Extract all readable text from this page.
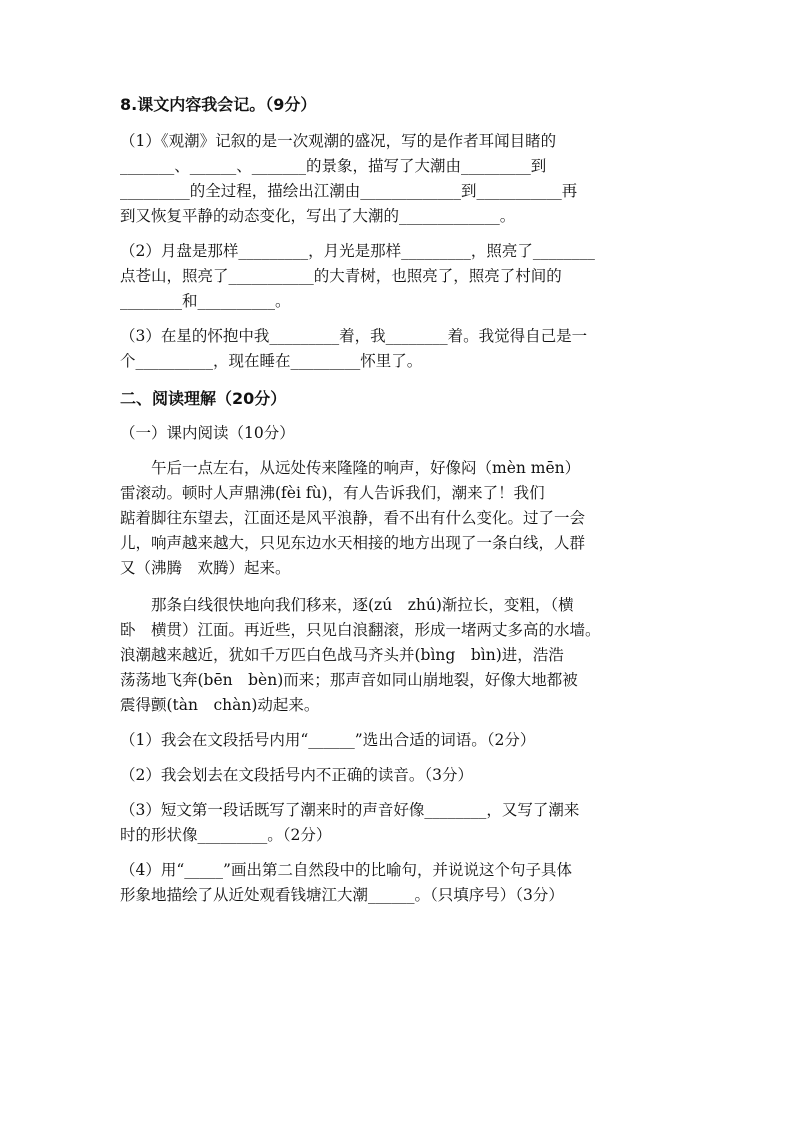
8.课文内容我会记。（9分）
（1）《观潮》记叙的是一次观潮的盛况，写的是作者耳闻目睹的
_______、______、_______的景象，描写了大潮由_________到
_________的全过程，描绘出江潮由_____________到___________再
到又恢复平静的动态变化，写出了大潮的_____________。
（2）月盘是那样_________，月光是那样_________，照亮了________
点苍山，照亮了___________的大青树，也照亮了，照亮了村间的
________和__________。
（3）在星的怀抱中我_________着，我________着。我觉得自己是一
个__________，现在睡在_________怀里了。
二、阅读理解（20分）
（一）课内阅读（10分）
　　午后一点左右，从远处传来隆隆的响声，好像闷（mèn mēn）
雷滚动。顿时人声鼎沸(fèi fù)，有人告诉我们，潮来了！我们
踮着脚往东望去，江面还是风平浪静，看不出有什么变化。过了一会
儿，响声越来越大，只见东边水天相接的地方出现了一条白线，人群
又（沸腾　欢腾）起来。
　　那条白线很快地向我们移来，逐(zú　zhú)渐拉长，变粗，（横
卧　横贯）江面。再近些，只见白浪翻滚，形成一堵两丈多高的水墙。
浪潮越来越近，犹如千万匹白色战马齐头并(bìng　bìn)进，浩浩
荡荡地飞奔(bēn　bèn)而来；那声音如同山崩地裂，好像大地都被
震得颤(tàn　chàn)动起来。
（1）我会在文段括号内用“______”选出合适的词语。（2分）
（2）我会划去在文段括号内不正确的读音。（3分）
（3）短文第一段话既写了潮来时的声音好像________，又写了潮来
时的形状像_________。（2分）
（4）用“_____”画出第二自然段中的比喻句，并说说这个句子具体
形象地描绘了从近处观看钱塘江大潮______。（只填序号）（3分）
